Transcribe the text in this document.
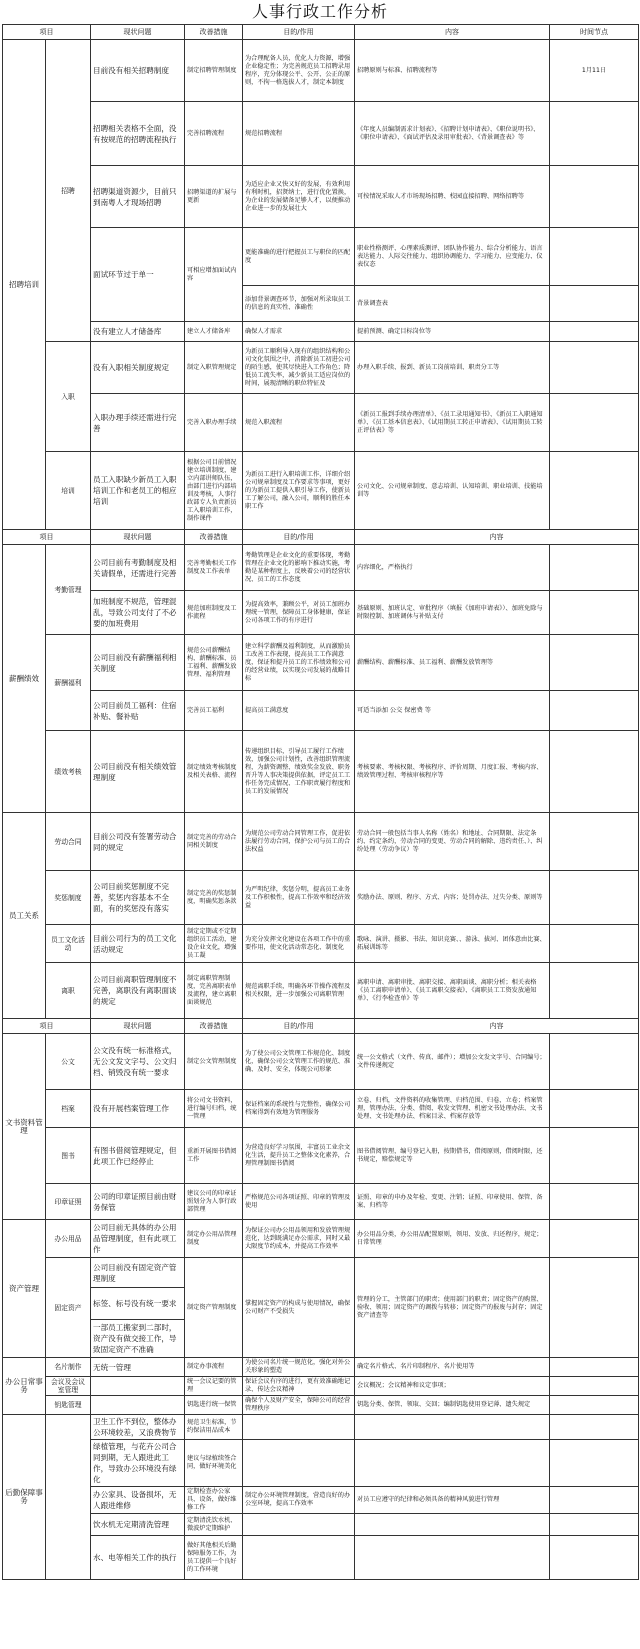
人事行政工作分析
项目		现状问题	改善措施	目的/作用	内容	时间节点
招聘培训	招聘	目前没有相关招聘制度	制定招聘管理制度	为合理配备人员，优化人力资源，增强企业稳定性；为完善规范员工招聘录用程序，充分体现公平、公开、公正的原则，不拘一格选拔人才，制定本制度	招聘原则与标准、招聘流程等	1月11日
		招聘相关表格不全面，没有按规范的招聘流程执行	完善招聘流程	规范招聘流程	《年度人员编制需求计划表》、《招聘计划申请表》、《职位说明书》、《职位申请表》、《面试评估及录用审批表》、《背景调查表》等	
		招聘渠道资源少，目前只到南粤人才现场招聘	招聘渠道的扩展与更新	为适应企业又快又好的发展，有效利用有利时机，招贤纳士，进行优化置换，为企业的发展储备足够人才，以便推动企业进一步的发展壮大	可按情况采取人才市场现场招聘、校园直接招聘、网络招聘等	
		面试环节过于单一	可相应增加面试内容	更能准确的进行把握员工与职位的匹配度	职业性格测评、心理素质测评、团队协作能力、综合分析能力、语言表达能力、人际交往能力、组织协调能力、学习能力、应变能力、仪表仪态	
				添加背景调查环节，加强对所录取员工的信息的真实性、准确性	背景调查表	
		没有建立人才储备库	建立人才储备库	确保人才需求	提前预测、确定目标岗位等	
	入职	没有入职相关制度规定	制定入职管理规定	为新员工顺利导入现有的组织结构和公司文化氛围之中，消除新员工初进公司的陌生感，使其尽快进入工作角色；降低员工流失率，减少新员工适应岗位的时间，展现清晰的职位特征及	办理入职手续、报到、新员工岗前培训、职责分工等	
		入职办理手续还需进行完善	完善入职办理手续	规范入职流程	《新员工报到手续办理清单》、《员工录用通知书》、《新员工入职通知单》、《员工基本信息表》、《试用期员工转正申请表》、《试用期员工转正评估表》等	
	培训	员工入职缺少新员工入职培训工作和老员工的相应培训	根据公司目前情况建立培训制度，建立内部讲师队伍，由部门进行内部培训及考核，人事行政部专人负责新员工入职培训工作，制作课件	为新员工进行入职培训工作，详细介绍公司规章制度及工作要求等事项，更好的为新员工提供入职引导工作，使新员工了解公司，融入公司，顺利的胜任本职工作	公司文化、公司规章制度、意志培训、认知培训、职业培训、技能培训等	
项目		现状问题	改善措施	目的/作用	内容	
薪酬绩效	考勤管理	公司目前有考勤制度及相关请假单，还需进行完善	完善考勤相关工作制度及工作表单	考勤管理是企业文化的重要体现，考勤管理在企业文化的影响下推动实施，考勤是某种程度上，反映着公司的经营状况、员工的工作态度	内容细化，严格执行	
		加班制度不规范，管理混乱，导致公司支付了不必要的加班费用	规范加班制度及工作流程	为提高效率，兼顾公平，对员工加班办理统一管理，保障员工身体健康，保证公司各项工作的有序进行	基础原则、加班认定、审批程序（填报《加班申请表》）、加班免除与时限控制、加班调休与补贴支付	
	薪酬福利	公司目前没有薪酬福利相关制度	规范公司薪酬结构、薪酬标准、员工福利、薪酬发放管理、福利管理	建立科学薪酬及福利制度，从而激励员工改善工作表现，提高员工工作满意度，保证和提升员工的工作绩效和公司的经营业绩，以实现公司发展的战略目标	薪酬结构、薪酬标准、员工福利、薪酬发放管理等	
		公司目前员工福利：住宿补贴、餐补贴	完善员工福利	提高员工满意度	可适当添加 公交 保密费 等	
	绩效考核	公司目前没有相关绩效管理制度	制定绩效考核制度及相关表格、流程	传递组织目标，引导员工履行工作绩效，加强公司计划性，改善组织管理流程，为薪资调整、绩效奖金发放、职务晋升等人事决策提供依据，评定员工工作任务完成情况、工作职责履行程度和员工的发展情况	考核要素、考核权限、考核程序、评价周期、月度汇报、考核内容、绩效管理过程、考核审核程序等	
员工关系	劳动合同	目前公司没有签署劳动合同的规定	制定完善的劳动合同相关制度	为规范公司劳动合同管理工作，促进依法履行劳动合同，保护公司与员工的合法权益	劳动合同一般包括当事人名称（姓名）和地址、合同期限、法定条约、约定条约，劳动合同的变更、劳动合同的解除、违约责任、）、纠纷处理（劳动争议）等	
	奖惩制度	公司目前奖惩制度不完善，奖惩内容基本不全面，有的奖惩没有落实	制定完善的奖惩制度，明确奖惩条款	为严明纪律，奖惩分明，提高员工业务及工作积极性，提高工作效率和经济效益	奖励办法、原则、程序、方式、内容；处罚办法、过失分类、原则等	
	员工文化活动	目前公司行为的员工文化活动规定	制定定期或不定期组织员工活动，建设企业文化，增强员工凝	为充分发挥文化建设在各项工作中的重要作用，使文化活动常态化、制度化	歌咏、演讲、摄影、书法、知识竞赛、、游泳、拔河、团体意由比赛、拓展训练等	
	离职	公司目前离职管理制度不完善，离职没有离职面谈的规定	制定离职管理制度，完善离职表单及流程，建立离职面谈规范	规范离职手续，明确各环节操作流程及相关权限，进一步加强公司离职管理	离职申请、离职审批、离职交接、离职面谈、离职分析；相关表格《员工离职申请单》、《员工离职交接表》、《离职员工工资发放通知单》、《行李检查单》等	
项目		现状问题	改善措施	目的/作用	内容	
文书资料管理	公文	公文没有统一标准格式，无公文发文字号、公文归档、销毁没有统一要求	制定公文管理制度	为了使公司公文管理工作规范化、制度化，确保公司公文管理工作的规范、准确、及时、安全，体现公司形象	统一公文格式（文件、传真、邮件）；增加公文发文字号、合同编号；文件传递规定	
	档案	没有开展档案管理工作	将公司文书资料，进行编号归档，统一管理	保证档案的系统性与完整性，确保公司档案得到有效地为管理服务	立卷、归档，文件资料的收集管理、归档范围、归卷、立卷；档案管理，管理办法、分类、借阅、收发文管理、机密文书处理办法、文书处理、文书处理办法、档案目录、档案存放等	
	图书	有图书借阅管理规定，但此项工作已经停止	重新开展图书借阅工作	为营造良好学习氛围，丰富员工业余文化生活，提升员工之整体文化素养，合理管理制图书借阅	图书借阅管理，编号登记入册，按期借书，借阅原则，借阅时限，还书规定，赔偿规定等	
	印章证照	公司的印章证照目前由财务保管	建议公司的印章证照划分为人事行政部管理	严格规范公司各项证照、印章的管理及使用	证照、印章的申办及年检、变更、注销；证照、印章使用、保管、备案、归档等	
资产管理	办公用品	公司目前无具体的办公用品管理制度，但有此项工作	制定办公用品管理制度	为保证公司办公用品领用和发放管理规范化，达到既满足办公需求，同时又最大限度节约成本，并提高工作效率	办公用品分类，办公用品配置原则，领用、发放、归还程序，规定；日常管理	
	固定资产	公司目前没有固定资产管理制度	制定资产管理制度	掌握固定资产的构成与使用情况，确保公司财产不受损失	管理的分工，主管部门的职责；使用部门的职责；固定资产的购置、验收、领用；固定资产的调拨与转移；固定资产的报废与封存；固定资产清查等	
		标签、标号没有统一要求				
		一部员工搬家到二部时，资产没有做交接工作，导致固定资产不准确				
办公日常事务	名片制作	无统一管理	制定办事流程	为使公司名片统一规范化，强化对外公关形象的塑造	确定名片格式、名片印制程序、名片使用等	
	会议及会议室管理		统一会议记要的管理	保证会议有序的进行，更有效准确地记录、传达会议精神	会议概况；会议精神和议定事项；	
	钥匙管理		钥匙进行统一保管	确保个人及财产安全，保障公司的经营管理秩序	钥匙分类、保管、领取、交回；编制钥匙使用登记薄、遗失规定	
后勤保障事务		卫生工作不到位，整体办公环境较差，又浪费物节	规范卫生标准，节约保洁用品成本			
		绿植管理，与花卉公司合同到期，无人跟进此工作，导致办公环境没有绿化	建议与绿植续签合同，做好环境美化			
		办公家具、设备损坏，无人跟进维修	定期检查办公家具、设备，做好维修工作	制定办公环境管理制度，营造良好的办公室环境，提高工作效率	对员工应遵守的纪律和必须具备的精神风貌进行管理	
		饮水机无定期清洗管理	定期清洗饮水机、微波炉定期维护			
		水、电等相关工作的执行	做好其他相关后勤保障服务工作，为员工提供一个良好的工作环境			
